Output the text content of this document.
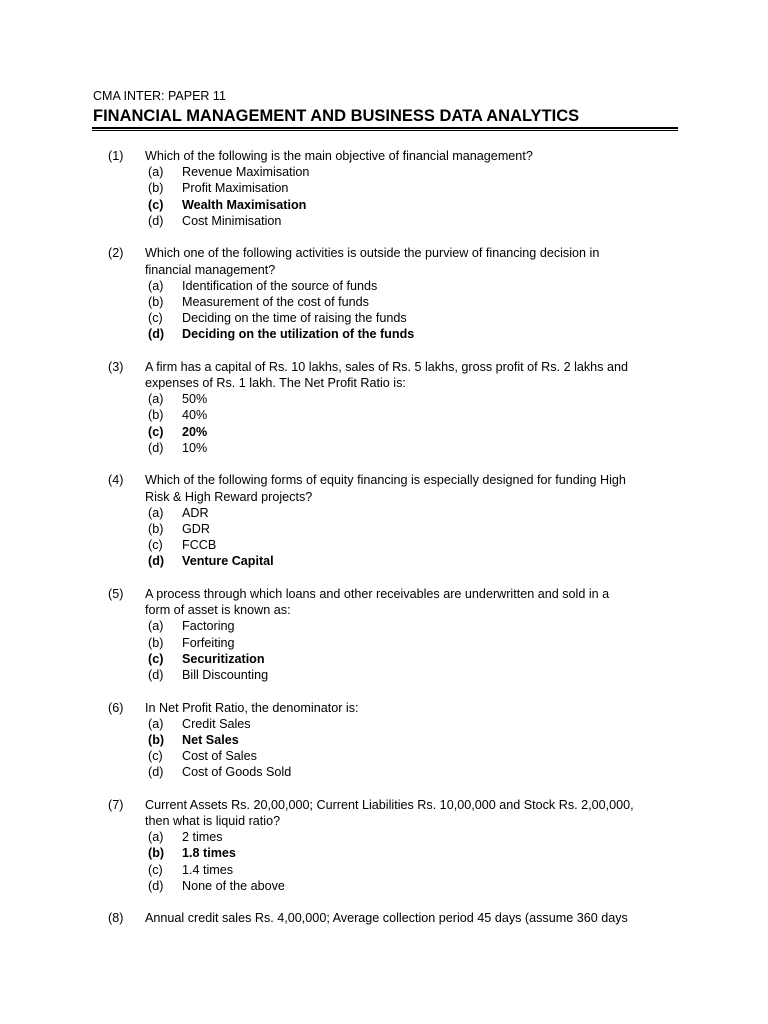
CMA INTER: PAPER 11
FINANCIAL MANAGEMENT AND BUSINESS DATA ANALYTICS
(1) Which of the following is the main objective of financial management?
(a) Revenue Maximisation
(b) Profit Maximisation
(c) Wealth Maximisation
(d) Cost Minimisation
(2) Which one of the following activities is outside the purview of financing decision in financial management?
(a) Identification of the source of funds
(b) Measurement of the cost of funds
(c) Deciding on the time of raising the funds
(d) Deciding on the utilization of the funds
(3) A firm has a capital of Rs. 10 lakhs, sales of Rs. 5 lakhs, gross profit of Rs. 2 lakhs and expenses of Rs. 1 lakh. The Net Profit Ratio is:
(a) 50%
(b) 40%
(c) 20%
(d) 10%
(4) Which of the following forms of equity financing is especially designed for funding High Risk & High Reward projects?
(a) ADR
(b) GDR
(c) FCCB
(d) Venture Capital
(5) A process through which loans and other receivables are underwritten and sold in a form of asset is known as:
(a) Factoring
(b) Forfeiting
(c) Securitization
(d) Bill Discounting
(6) In Net Profit Ratio, the denominator is:
(a) Credit Sales
(b) Net Sales
(c) Cost of Sales
(d) Cost of Goods Sold
(7) Current Assets Rs. 20,00,000; Current Liabilities Rs. 10,00,000 and Stock Rs. 2,00,000, then what is liquid ratio?
(a) 2 times
(b) 1.8 times
(c) 1.4 times
(d) None of the above
(8) Annual credit sales Rs. 4,00,000; Average collection period 45 days (assume 360 days
